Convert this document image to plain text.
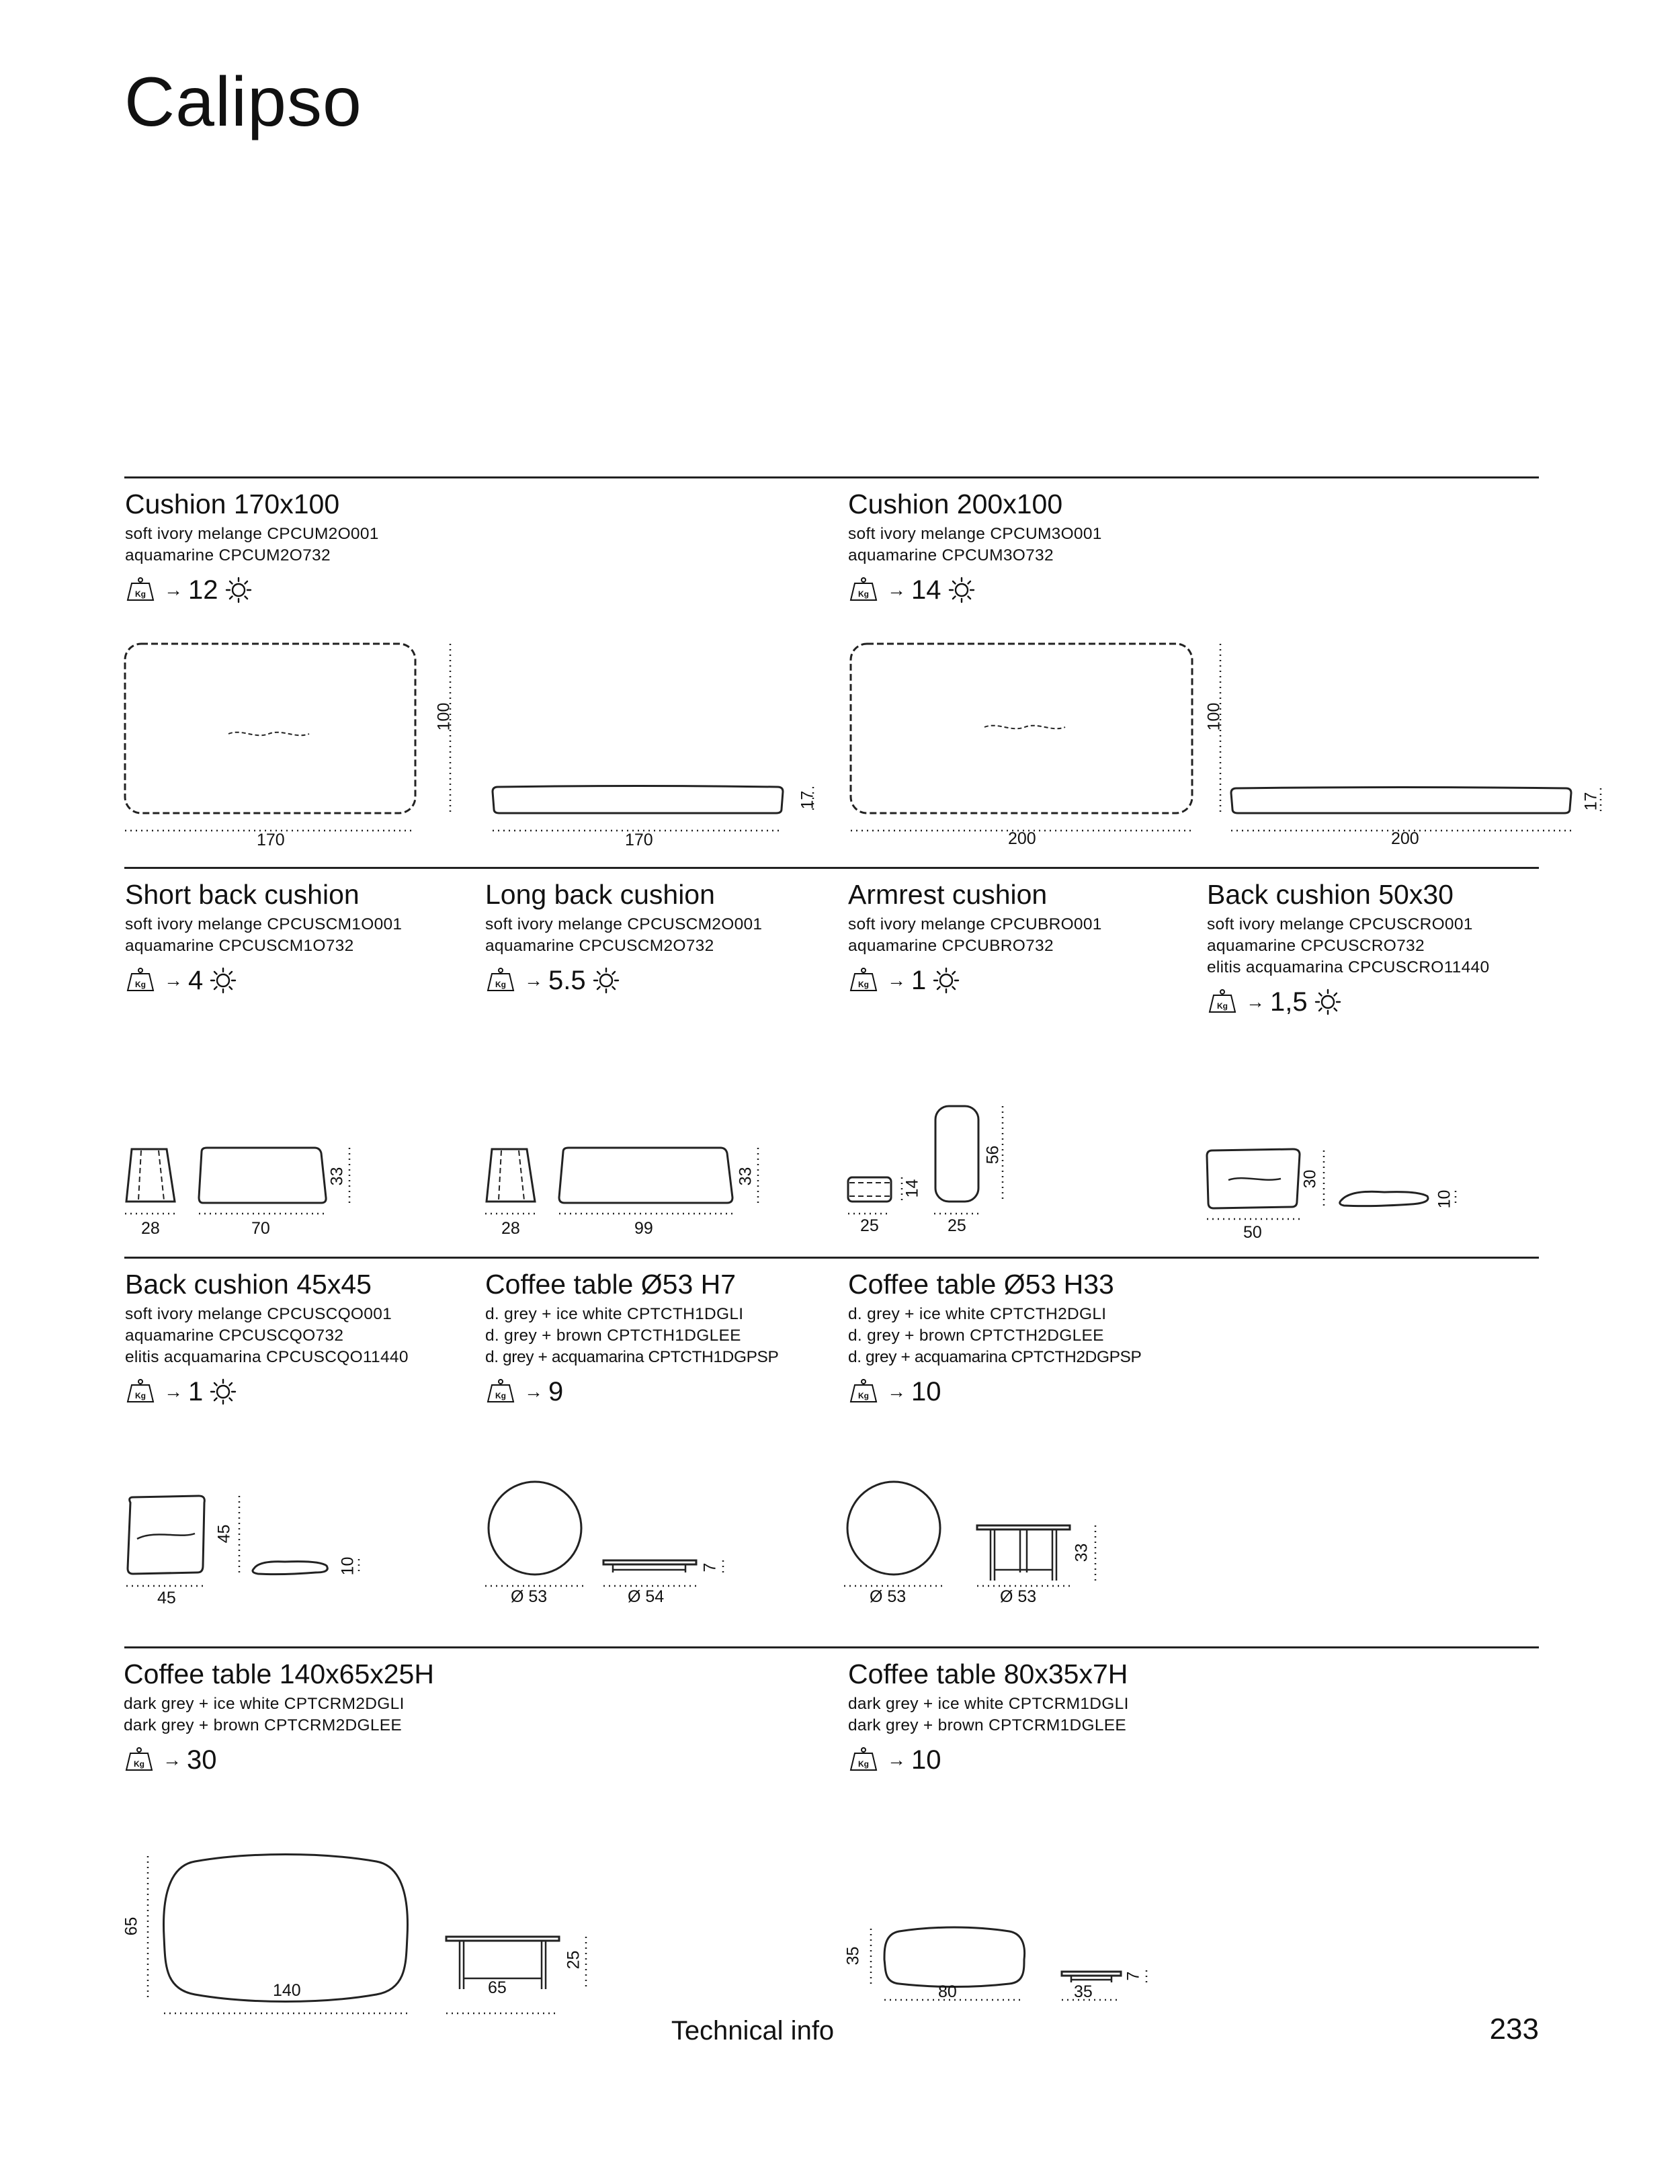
Calipso
Cushion 170x100
soft ivory melange CPCUM2O001
aquamarine CPCUM2O732
→ 12
Cushion 200x100
soft ivory melange CPCUM3O001
aquamarine CPCUM3O732
→ 14
Short back cushion
soft ivory melange CPCUSCM1O001
aquamarine CPCUSCM1O732
→ 4
Long back cushion
soft ivory melange CPCUSCM2O001
aquamarine CPCUSCM2O732
→ 5.5
Armrest cushion
soft ivory melange CPCUBRO001
aquamarine CPCUBRO732
→ 1
Back cushion 50x30
soft ivory melange CPCUSCRO001
aquamarine CPCUSCRO732
elitis acquamarina CPCUSCRO11440
→ 1,5
Back cushion 45x45
soft ivory melange CPCUSCQO001
aquamarine CPCUSCQO732
elitis acquamarina CPCUSCQO11440
→ 1
Coffee table Ø53 H7
d. grey + ice white CPTCTH1DGLI
d. grey + brown CPTCTH1DGLEE
d. grey + acquamarina CPTCTH1DGPSP
→ 9
Coffee table Ø53 H33
d. grey + ice white CPTCTH2DGLI
d. grey + brown CPTCTH2DGLEE
d. grey + acquamarina CPTCTH2DGPSP
→ 10
Coffee table 140x65x25H
dark grey + ice white CPTCRM2DGLI
dark grey + brown CPTCRM2DGLEE
→ 30
Coffee table 80x35x7H
dark grey + ice white CPTCRM1DGLI
dark grey + brown CPTCRM1DGLEE
→ 10
170
100
170
17
200
100
200
17
28	70
33
28	99
33
25
14
25
56
50
30
10
45
45
10
Ø 53	Ø 54
7
Ø 53	Ø 53
33
140
65
65
25
80
35
35
7
Technical info	233
